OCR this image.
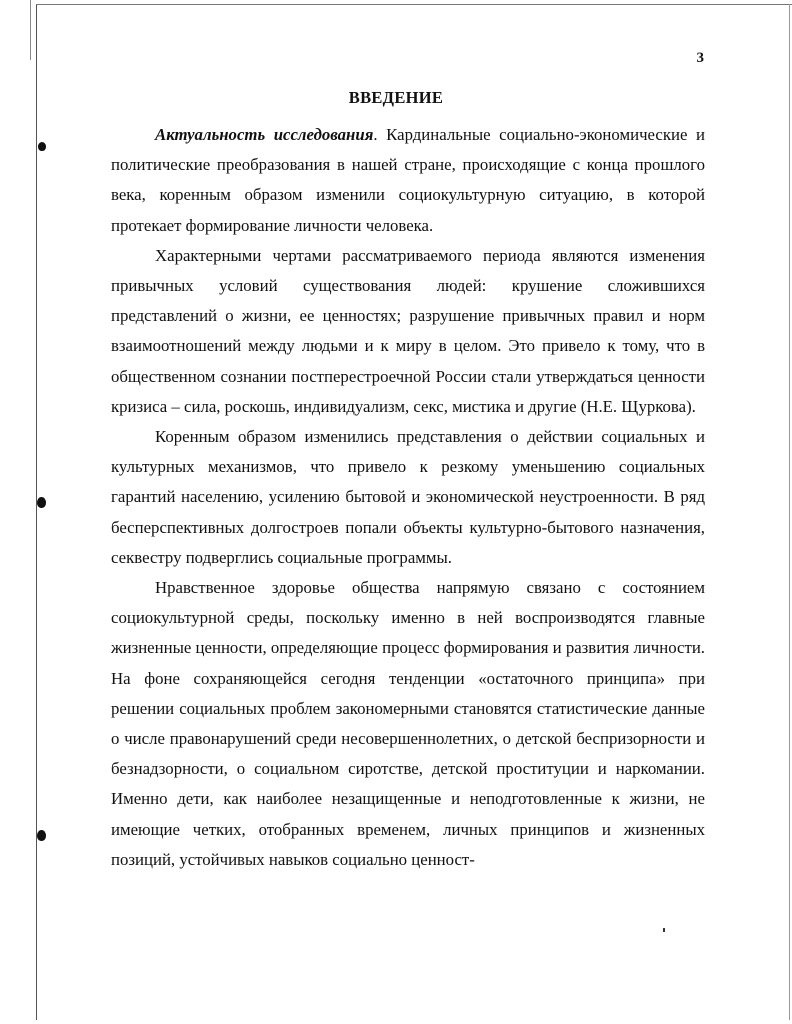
3
ВВЕДЕНИЕ

Актуальность исследования. Кардинальные социально-экономические и политические преобразования в нашей стране, происходящие с конца прошлого века, коренным образом изменили социокультурную ситуацию, в которой протекает формирование личности человека.

Характерными чертами рассматриваемого периода являются изменения привычных условий существования людей: крушение сложившихся представлений о жизни, ее ценностях; разрушение привычных правил и норм взаимоотношений между людьми и к миру в целом. Это привело к тому, что в общественном сознании постперестроечной России стали утверждаться ценности кризиса – сила, роскошь, индивидуализм, секс, мистика и другие (Н.Е. Щуркова).

Коренным образом изменились представления о действии социальных и культурных механизмов, что привело к резкому уменьшению социальных гарантий населению, усилению бытовой и экономической неустроенности. В ряд бесперспективных долгостроев попали объекты культурно-бытового назначения, секвестру подверглись социальные программы.

Нравственное здоровье общества напрямую связано с состоянием социокультурной среды, поскольку именно в ней воспроизводятся главные жизненные ценности, определяющие процесс формирования и развития личности. На фоне сохраняющейся сегодня тенденции «остаточного принципа» при решении социальных проблем закономерными становятся статистические данные о числе правонарушений среди несовершеннолетних, о детской беспризорности и безнадзорности, о социальном сиротстве, детской проституции и наркомании. Именно дети, как наиболее незащищенные и неподготовленные к жизни, не имеющие четких, отобранных временем, личных принципов и жизненных позиций, устойчивых навыков социально ценност-
